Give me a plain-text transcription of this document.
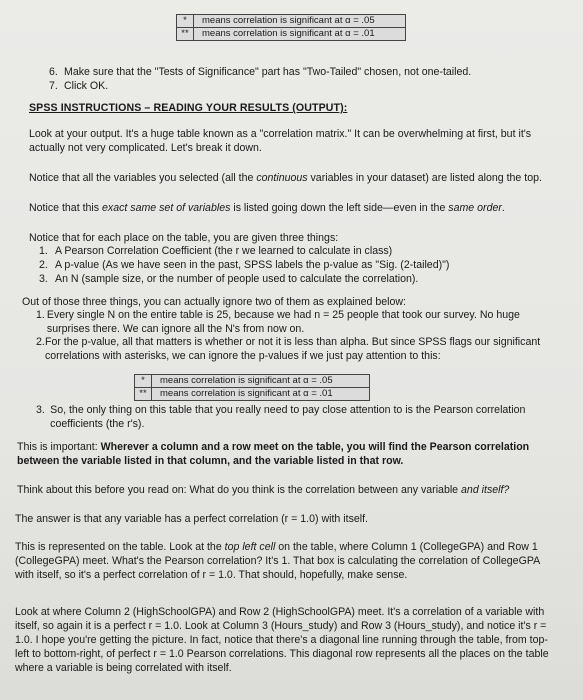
*	means correlation is significant at α = .05
**	means correlation is significant at α = .01
6. Make sure that the "Tests of Significance" part has "Two-Tailed" chosen, not one-tailed.
7. Click OK.
SPSS INSTRUCTIONS – READING YOUR RESULTS (OUTPUT):

Look at your output. It's a huge table known as a "correlation matrix." It can be overwhelming at first, but it's actually not very complicated. Let's break it down.

Notice that all the variables you selected (all the continuous variables in your dataset) are listed along the top.

Notice that this exact same set of variables is listed going down the left side—even in the same order.

Notice that for each place on the table, you are given three things:

1. A Pearson Correlation Coefficient (the r we learned to calculate in class)
2. A p-value (As we have seen in the past, SPSS labels the p-value as "Sig. (2-tailed)")
3. An N (sample size, or the number of people used to calculate the correlation).

Out of those three things, you can actually ignore two of them as explained below:

1. Every single N on the entire table is 25, because we had n = 25 people that took our survey. No huge surprises there. We can ignore all the N's from now on.
2. For the p-value, all that matters is whether or not it is less than alpha. But since SPSS flags our significant correlations with asterisks, we can ignore the p-values if we just pay attention to this:
*	means correlation is significant at α = .05
**	means correlation is significant at α = .01
3. So, the only thing on this table that you really need to pay close attention to is the Pearson correlation coefficients (the r's).

This is important: Wherever a column and a row meet on the table, you will find the Pearson correlation between the variable listed in that column, and the variable listed in that row.

Think about this before you read on: What do you think is the correlation between any variable and itself?

The answer is that any variable has a perfect correlation (r = 1.0) with itself.

This is represented on the table. Look at the top left cell on the table, where Column 1 (CollegeGPA) and Row 1 (CollegeGPA) meet. What's the Pearson correlation? It's 1. That box is calculating the correlation of CollegeGPA with itself, so it's a perfect correlation of r = 1.0. That should, hopefully, make sense.

Look at where Column 2 (HighSchoolGPA) and Row 2 (HighSchoolGPA) meet. It's a correlation of a variable with itself, so again it is a perfect r = 1.0. Look at Column 3 (Hours_study) and Row 3 (Hours_study), and notice it's r = 1.0. I hope you're getting the picture. In fact, notice that there's a diagonal line running through the table, from top-left to bottom-right, of perfect r = 1.0 Pearson correlations. This diagonal row represents all the places on the table where a variable is being correlated with itself.
